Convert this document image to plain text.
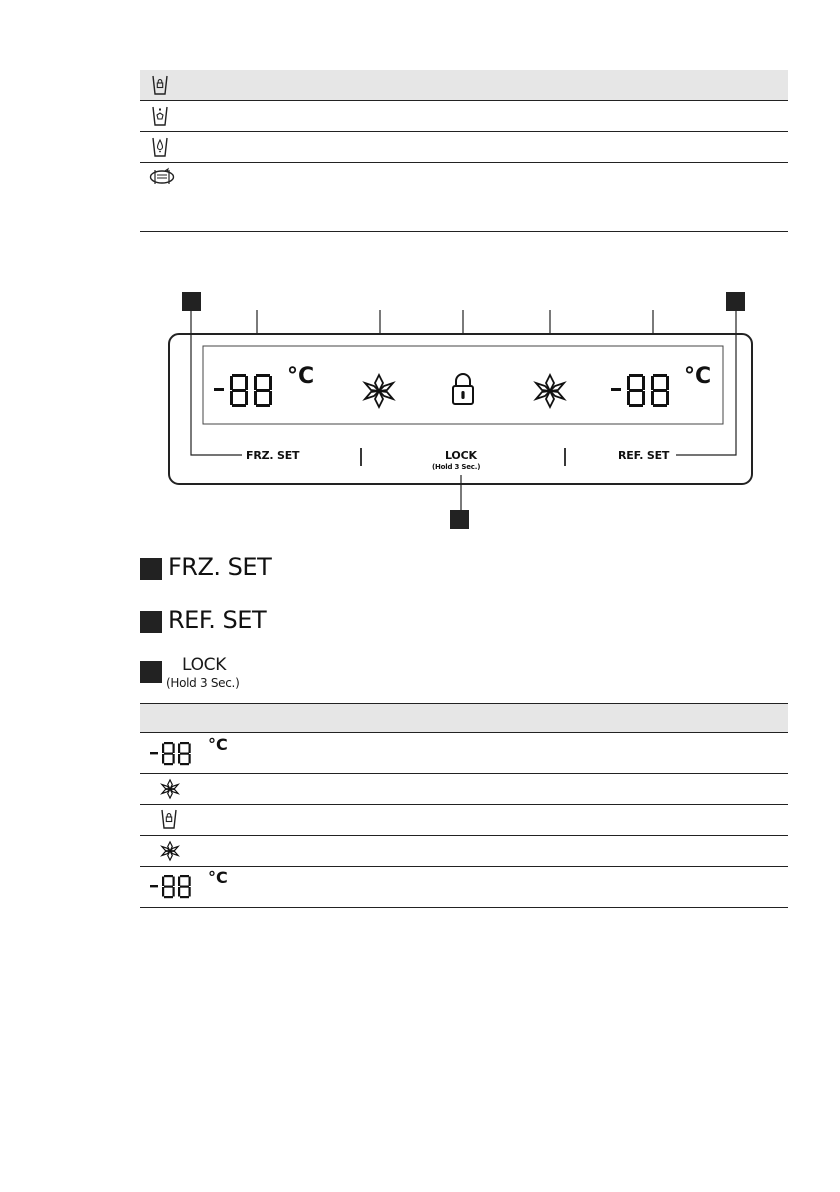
°C	°C
FRZ. SET	LOCK
(Hold 3 Sec.)
REF. SET
FRZ. SET
REF. SET
LOCK
(Hold 3 Sec.)
°C
°C
